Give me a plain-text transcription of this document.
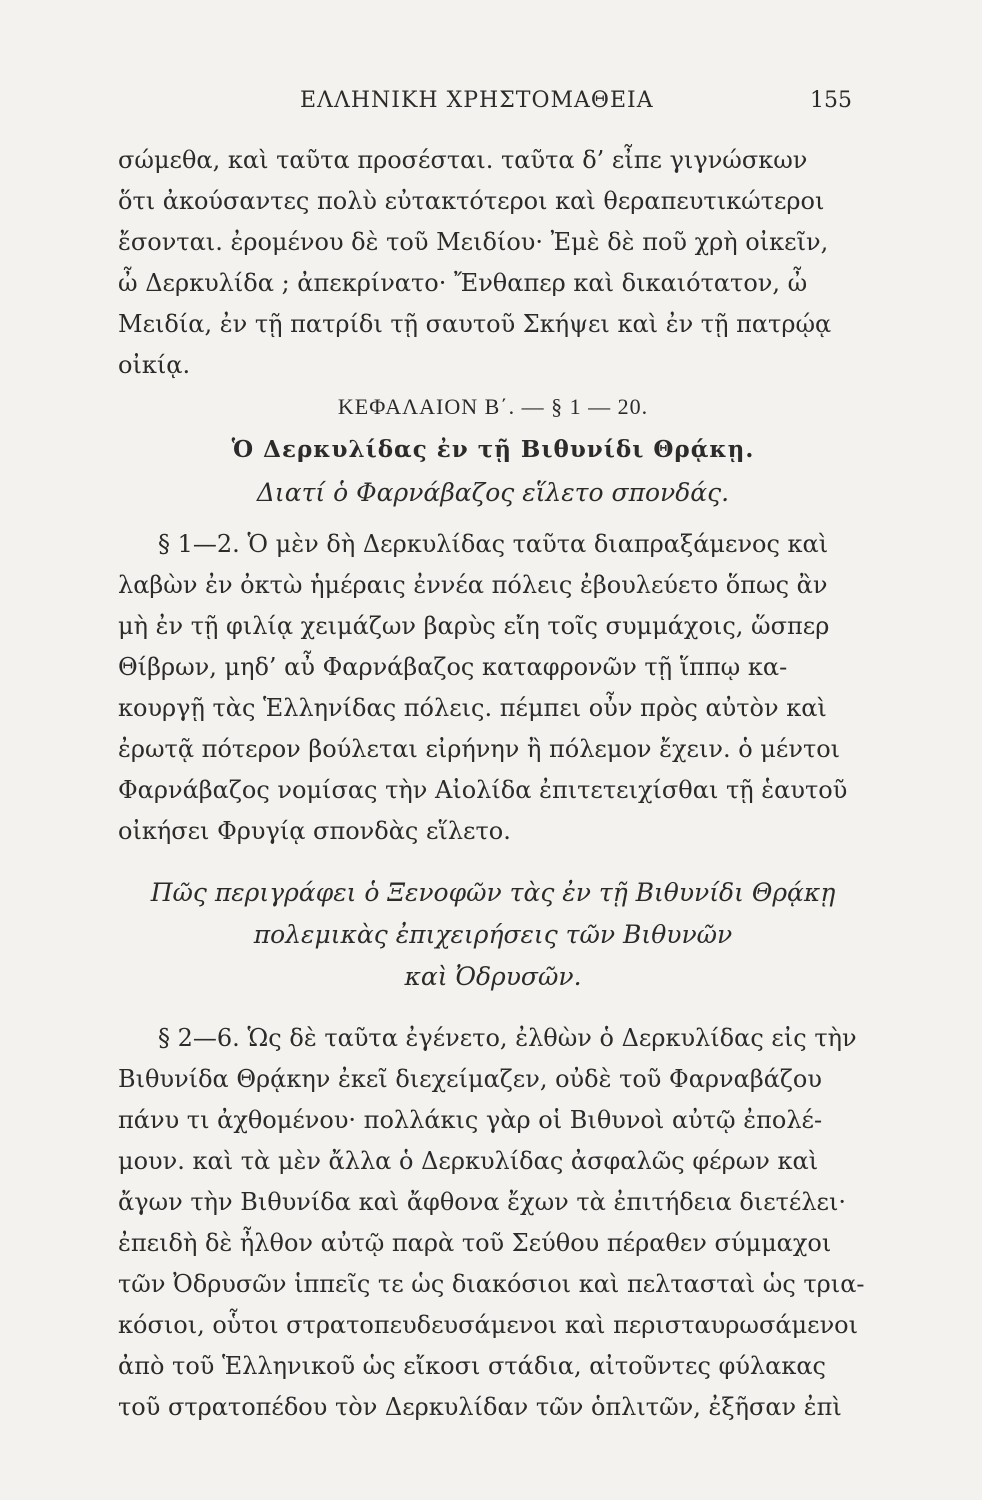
ΕΛΛΗΝΙΚΗ ΧΡΗΣΤΟΜΑΘΕΙΑ	155
σώμεθα, καὶ ταῦτα προσέσται. ταῦτα δ’ εἶπε γιγνώσκων
ὅτι ἀκούσαντες πολὺ εὐτακτότεροι καὶ θεραπευτικώτεροι
ἔσονται. ἐρομένου δὲ τοῦ Μειδίου· Ἐμὲ δὲ ποῦ χρὴ οἰκεῖν,
ὦ Δερκυλίδα ; ἀπεκρίνατο· Ἔνθαπερ καὶ δικαιότατον, ὦ
Μειδία, ἐν τῇ πατρίδι τῇ σαυτοῦ Σκήψει καὶ ἐν τῇ πατρῴᾳ
οἰκίᾳ.
ΚΕΦΑΛΑΙΟΝ Β΄. — § 1 — 20.
Ὁ Δερκυλίδας ἐν τῇ Βιθυνίδι Θρᾴκῃ.
Διατί ὁ Φαρνάβαζος εἵλετο σπονδάς.
§ 1—2. Ὁ μὲν δὴ Δερκυλίδας ταῦτα διαπραξάμενος καὶ
λαβὼν ἐν ὀκτὼ ἡμέραις ἐννέα πόλεις ἐβουλεύετο ὅπως ἂν
μὴ ἐν τῇ φιλίᾳ χειμάζων βαρὺς εἴη τοῖς συμμάχοις, ὥσπερ
Θίβρων, μηδ’ αὖ Φαρνάβαζος καταφρονῶν τῇ ἵππῳ κα-
κουργῇ τὰς Ἑλληνίδας πόλεις. πέμπει οὖν πρὸς αὐτὸν καὶ
ἐρωτᾷ πότερον βούλεται εἰρήνην ἢ πόλεμον ἔχειν. ὁ μέντοι
Φαρνάβαζος νομίσας τὴν Αἰολίδα ἐπιτετειχίσθαι τῇ ἑαυτοῦ
οἰκήσει Φρυγίᾳ σπονδὰς εἵλετο.
Πῶς περιγράφει ὁ Ξενοφῶν τὰς ἐν τῇ Βιθυνίδι Θρᾴκῃ
πολεμικὰς ἐπιχειρήσεις τῶν Βιθυνῶν
καὶ Ὀδρυσῶν.
§ 2—6. Ὡς δὲ ταῦτα ἐγένετο, ἐλθὼν ὁ Δερκυλίδας εἰς τὴν
Βιθυνίδα Θρᾴκην ἐκεῖ διεχείμαζεν, οὐδὲ τοῦ Φαρναβάζου
πάνυ τι ἀχθομένου· πολλάκις γὰρ οἱ Βιθυνοὶ αὐτῷ ἐπολέ-
μουν. καὶ τὰ μὲν ἄλλα ὁ Δερκυλίδας ἀσφαλῶς φέρων καὶ
ἄγων τὴν Βιθυνίδα καὶ ἄφθονα ἔχων τὰ ἐπιτήδεια διετέλει·
ἐπειδὴ δὲ ἦλθον αὐτῷ παρὰ τοῦ Σεύθου πέραθεν σύμμαχοι
τῶν Ὀδρυσῶν ἱππεῖς τε ὡς διακόσιοι καὶ πελτασταὶ ὡς τρια-
κόσιοι, οὗτοι στρατοπευδευσάμενοι καὶ περισταυρωσάμενοι
ἀπὸ τοῦ Ἑλληνικοῦ ὡς εἴκοσι στάδια, αἰτοῦντες φύλακας
τοῦ στρατοπέδου τὸν Δερκυλίδαν τῶν ὁπλιτῶν, ἐξῆσαν ἐπὶ
